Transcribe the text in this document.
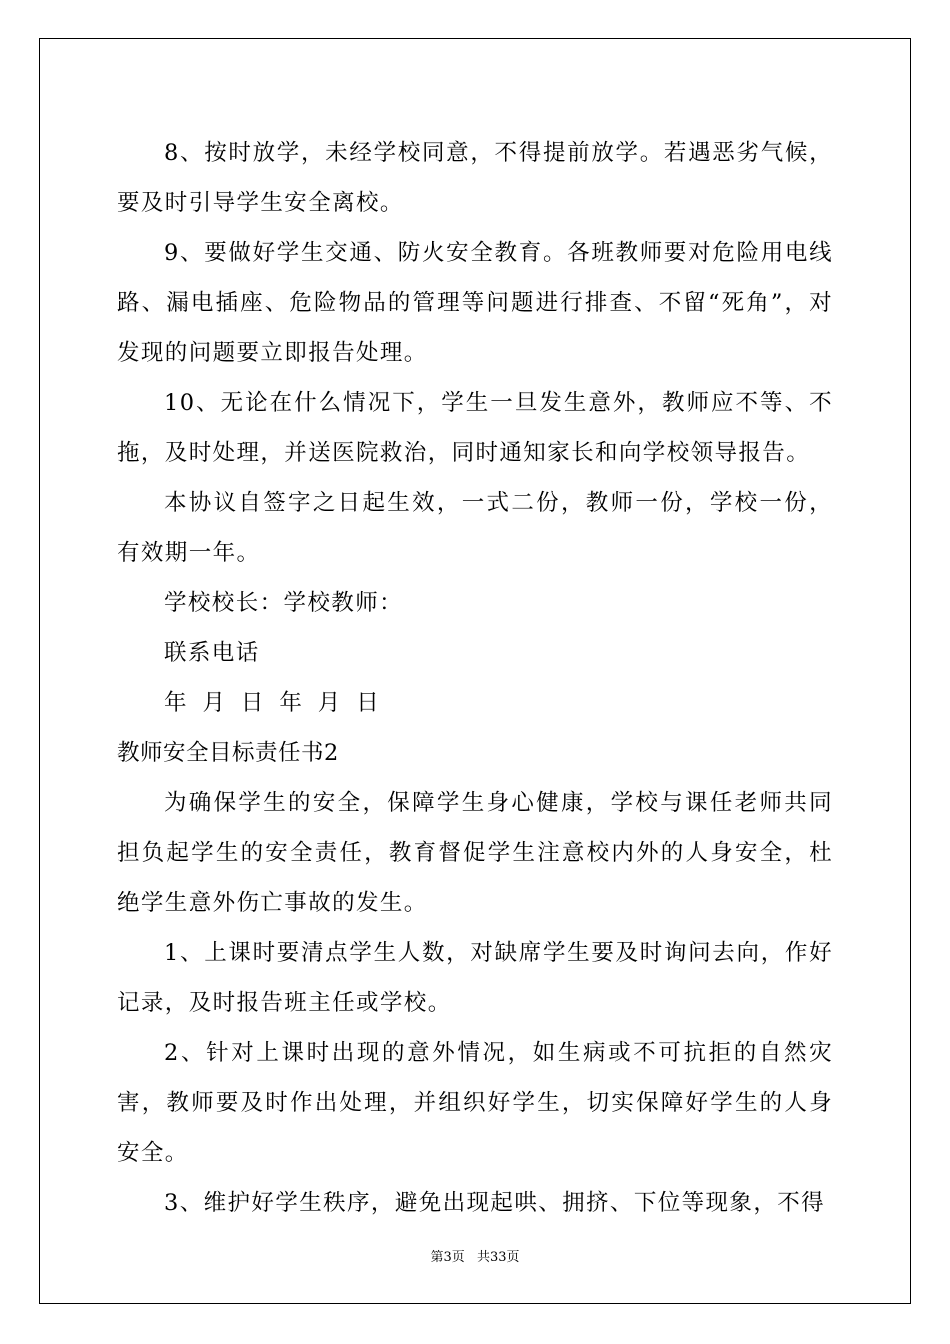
8、按时放学，未经学校同意，不得提前放学。若遇恶劣气候，要及时引导学生安全离校。

9、要做好学生交通、防火安全教育。各班教师要对危险用电线路、漏电插座、危险物品的管理等问题进行排查、不留“死角”，对发现的问题要立即报告处理。

10、无论在什么情况下，学生一旦发生意外，教师应不等、不拖，及时处理，并送医院救治，同时通知家长和向学校领导报告。

本协议自签字之日起生效，一式二份，教师一份，学校一份，有效期一年。

学校校长：学校教师：

联系电话

年 月 日 年 月 日

教师安全目标责任书2

为确保学生的安全，保障学生身心健康，学校与课任老师共同担负起学生的安全责任，教育督促学生注意校内外的人身安全，杜绝学生意外伤亡事故的发生。

1、上课时要清点学生人数，对缺席学生要及时询问去向，作好记录，及时报告班主任或学校。

2、针对上课时出现的意外情况，如生病或不可抗拒的自然灾害，教师要及时作出处理，并组织好学生，切实保障好学生的人身安全。

3、维护好学生秩序，避免出现起哄、拥挤、下位等现象，不得

第3页 共33页
